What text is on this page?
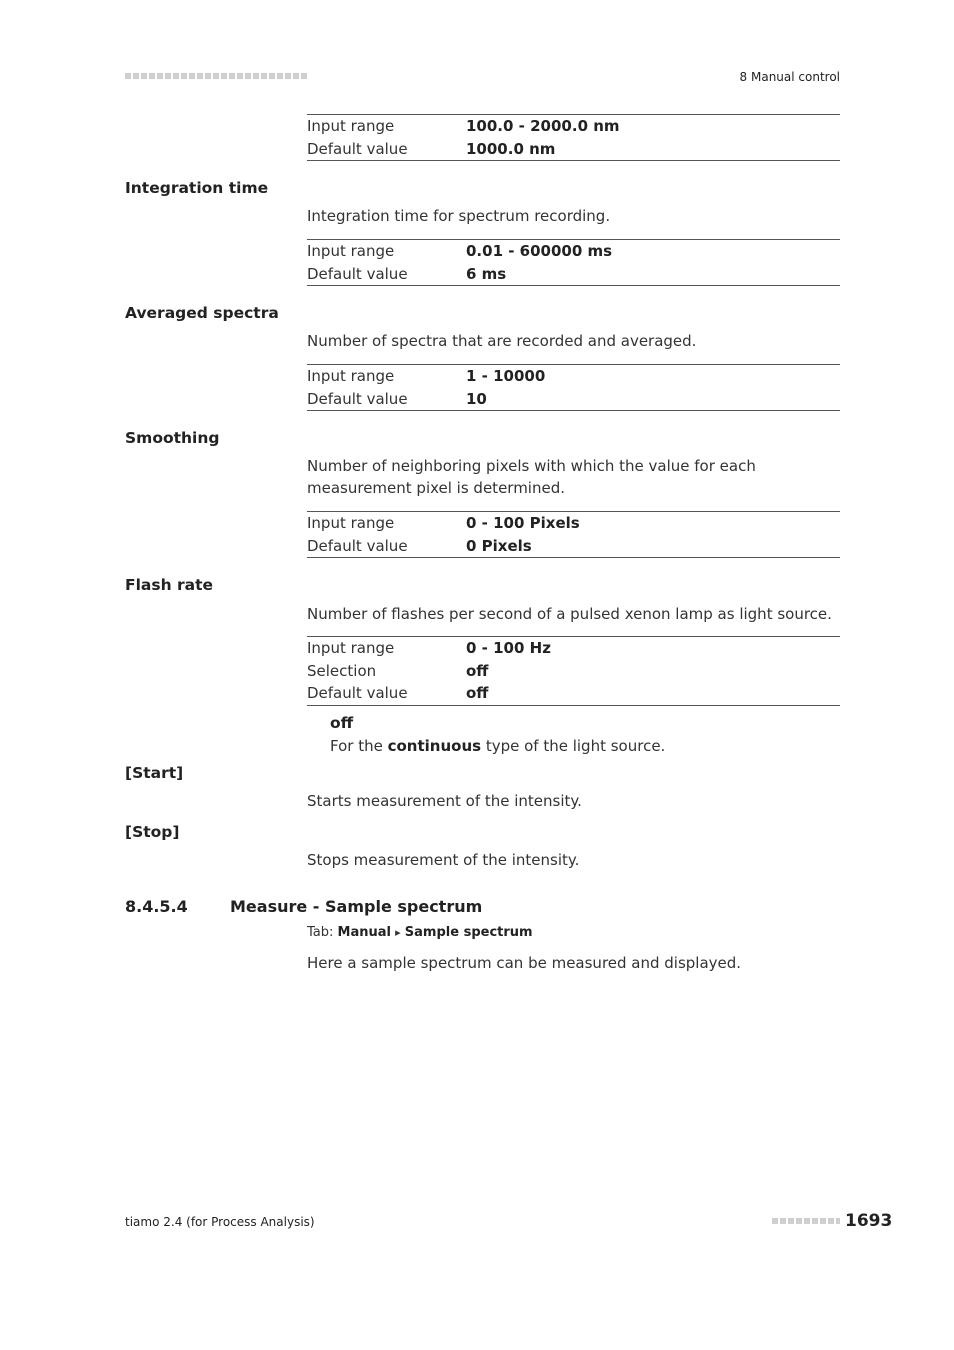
8 Manual control
Input range	100.0 - 2000.0 nm
Default value	1000.0 nm
Integration time
Integration time for spectrum recording.
Input range	0.01 - 600000 ms
Default value	6 ms
Averaged spectra
Number of spectra that are recorded and averaged.
Input range	1 - 10000
Default value	10
Smoothing
Number of neighboring pixels with which the value for each measurement pixel is determined.
Input range	0 - 100 Pixels
Default value	0 Pixels
Flash rate
Number of flashes per second of a pulsed xenon lamp as light source.
Input range	0 - 100 Hz
Selection	off
Default value	off
off
For the continuous type of the light source.
[Start]
Starts measurement of the intensity.
[Stop]
Stops measurement of the intensity.
8.4.5.4	Measure - Sample spectrum
Tab: Manual ▸ Sample spectrum
Here a sample spectrum can be measured and displayed.
tiamo 2.4 (for Process Analysis)	1693
